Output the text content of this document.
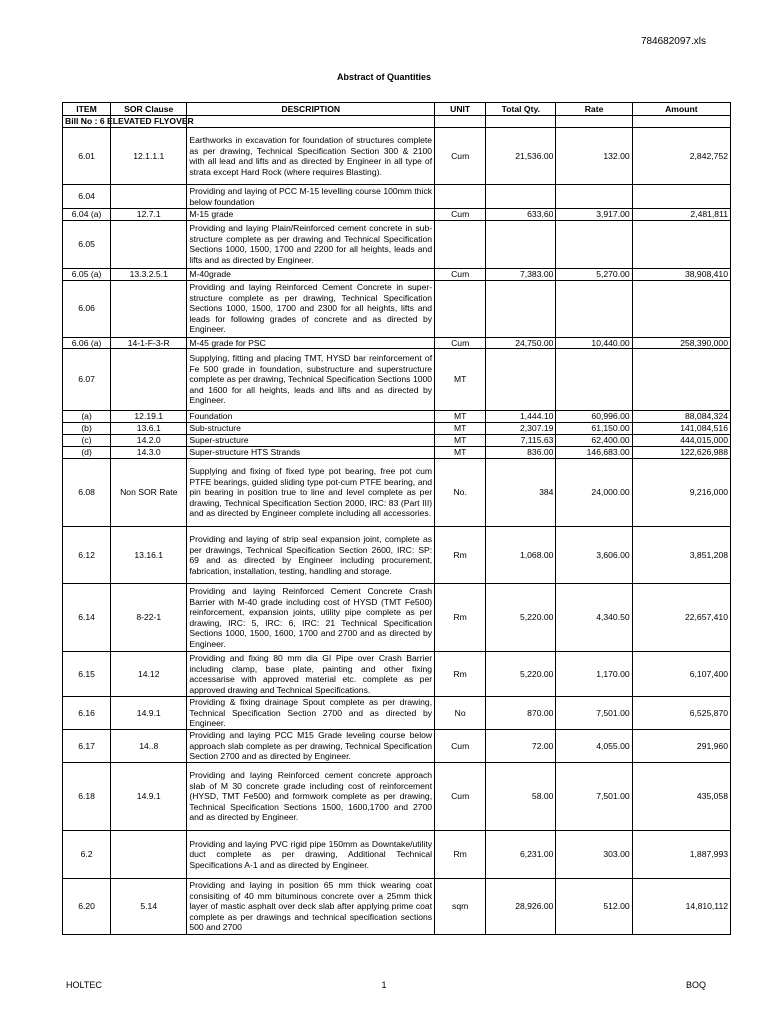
784682097.xls
Abstract of Quantities
ITEM	SOR Clause	DESCRIPTION	UNIT	Total Qty.	Rate	Amount
Bill No : 6 ELEVATED FLYOVER						
6.01	12.1.1.1	Earthworks in excavation for foundation of structures complete as per drawing, Technical Specification Section 300 & 2100 with all lead and lifts and as directed by Engineer in all type of strata except Hard Rock (where requires Blasting).	Cum	21,536.00	132.00	2,842,752
6.04		Providing and laying of PCC M-15 levelling course 100mm thick below foundation				
6.04 (a)	12.7.1	M-15 grade	Cum	633.60	3,917.00	2,481,811
6.05		Providing and laying Plain/Reinforced cement concrete in sub-structure complete as per drawing and Technical Specification Sections 1000, 1500, 1700 and 2200 for all heights, leads and lifts and as directed by Engineer.				
6.05 (a)	13.3.2.5.1	M-40grade	Cum	7,383.00	5,270.00	38,908,410
6.06		Providing and laying Reinforced Cement Concrete in super-structure complete as per drawing, Technical Specification Sections 1000, 1500, 1700 and 2300 for all heights, lifts and leads for following grades of concrete and as directed by Engineer.				
6.06 (a)	14-1-F-3-R	M-45 grade for PSC	Cum	24,750.00	10,440.00	258,390,000
6.07		Supplying, fitting and placing TMT, HYSD bar reinforcement of Fe 500 grade in foundation, substructure and superstructure complete as per drawing, Technical Specification Sections 1000 and 1600 for all heights, leads and lifts and as directed by Engineer.	MT			
(a)	12.19.1	Foundation	MT	1,444.10	60,996.00	88,084,324
(b)	13.6.1	Sub-structure	MT	2,307.19	61,150.00	141,084,516
(c)	14.2.0	Super-structure	MT	7,115.63	62,400.00	444,015,000
(d)	14.3.0	Super-structure HTS Strands	MT	836.00	146,683.00	122,626,988
6.08	Non SOR Rate	Supplying and fixing of fixed type pot bearing, free pot cum PTFE bearings, guided sliding type pot-cum PTFE bearing, and pin bearing in position true to line and level complete as per drawing, Technical Specification Section 2000, IRC: 83 (Part III) and as directed by Engineer complete including all accessories.	No.	384	24,000.00	9,216,000
6.12	13.16.1	Providing and laying of strip seal expansion joint, complete as per drawings, Technical Specification Section 2600, IRC: SP: 69 and as directed by Engineer including procurement, fabrication, installation, testing, handling and storage.	Rm	1,068.00	3,606.00	3,851,208
6.14	8-22-1	Providing and laying Reinforced Cement Concrete Crash Barrier with M-40 grade including cost of HYSD (TMT Fe500) reinforcement, expansion joints, utility pipe complete as per drawing, IRC: 5, IRC: 6, IRC: 21 Technical Specification Sections 1000, 1500, 1600, 1700 and 2700 and as directed by Engineer.	Rm	5,220.00	4,340.50	22,657,410
6.15	14.12	Providing and fixing 80 mm dia GI Pipe over Crash Barrier including clamp, base plate, painting and other fixing accessarise with approved material etc. complete as per approved drawing and Technical Specifications.	Rm	5,220.00	1,170.00	6,107,400
6.16	14.9.1	Providing & fixing drainage Spout complete as per drawing, Technical Specification Section 2700 and as directed by Engineer.	No	870.00	7,501.00	6,525,870
6.17	14..8	Providing and laying PCC M15 Grade leveling course below approach slab complete as per drawing, Technical Specification Section 2700 and as directed by Engineer.	Cum	72.00	4,055.00	291,960
6.18	14.9.1	Providing and laying Reinforced cement concrete approach slab of M 30 concrete grade including cost of reinforcement (HYSD, TMT Fe500) and formwork complete as per drawing, Technical Specification Sections 1500, 1600,1700 and 2700 and as directed by Engineer.	Cum	58.00	7,501.00	435,058
6.2		Providing and laying PVC rigid pipe 150mm as Downtake/utility duct complete as per drawing, Additional Technical Specifications A-1 and as directed by Engineer.	Rm	6,231.00	303.00	1,887,993
6.20	5.14	Providing and laying in position 65 mm thick wearing coat consisiting of 40 mm bituminous concrete over a 25mm thick layer of mastic asphalt over deck slab after applying prime coat complete as per drawings and technical specification sections 500 and 2700	sqm	28,926.00	512.00	14,810,112
HOLTEC	1	BOQ
